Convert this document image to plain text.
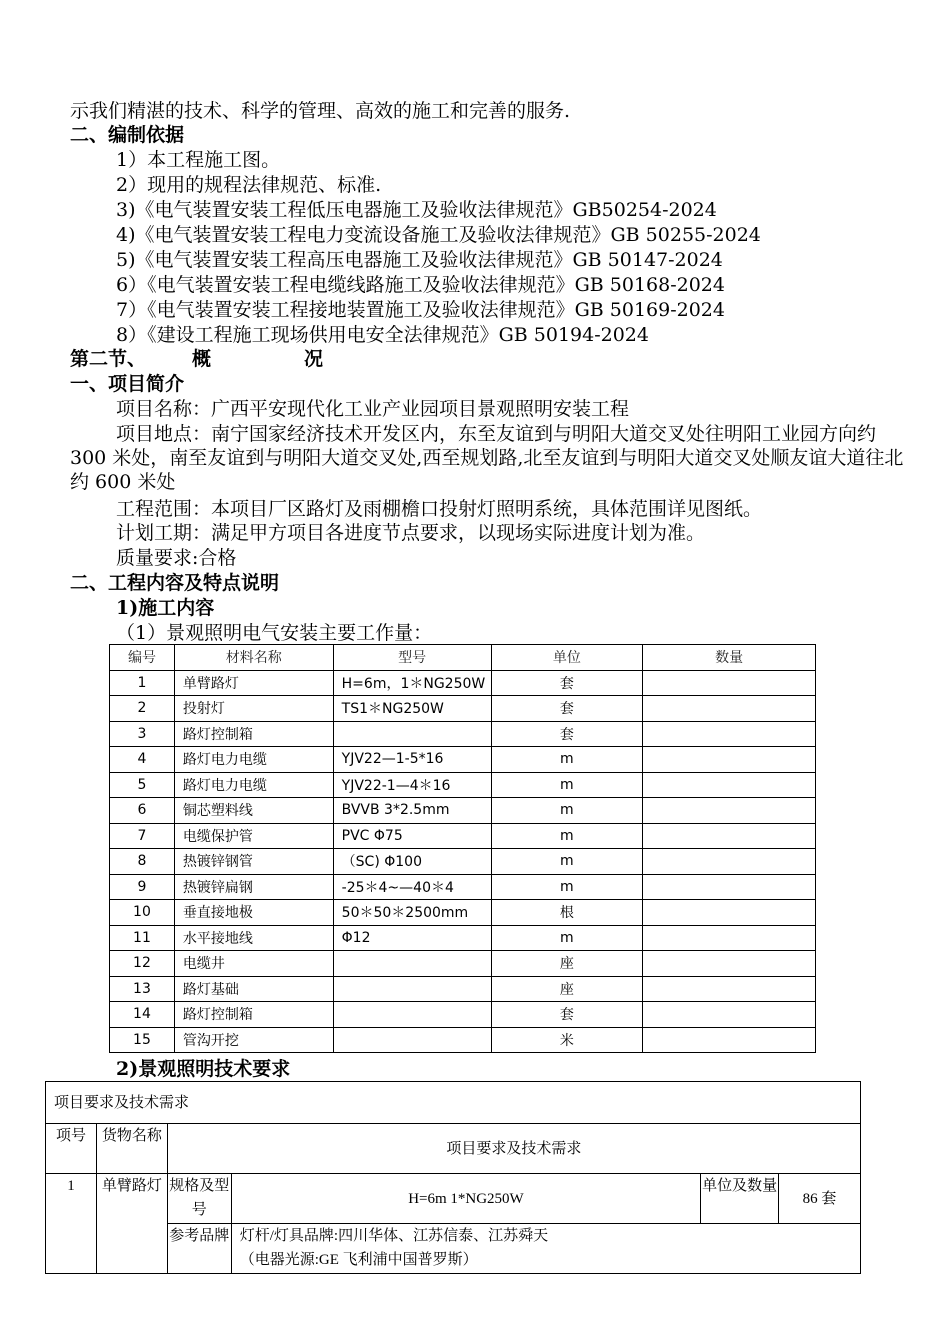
示我们精湛的技术、科学的管理、高效的施工和完善的服务.
二、编制依据
1）本工程施工图。
2）现用的规程法律规范、标准.
3)《电气装置安装工程低压电器施工及验收法律规范》GB50254-2024
4)《电气装置安装工程电力变流设备施工及验收法律规范》GB 50255-2024
5)《电气装置安装工程高压电器施工及验收法律规范》GB 50147-2024
6）《电气装置安装工程电缆线路施工及验收法律规范》GB 50168-2024
7）《电气装置安装工程接地装置施工及验收法律规范》GB 50169-2024
8）《建设工程施工现场供用电安全法律规范》GB 50194-2024
第二节、 概	况
一、项目简介
项目名称：广西平安现代化工业产业园项目景观照明安装工程
项目地点：南宁国家经济技术开发区内，东至友谊到与明阳大道交叉处往明阳工业园方向约 300 米处，南至友谊到与明阳大道交叉处,西至规划路,北至友谊到与明阳大道交叉处顺友谊大道往北约 600 米处
工程范围：本项目厂区路灯及雨棚檐口投射灯照明系统，具体范围详见图纸。
计划工期：满足甲方项目各进度节点要求，以现场实际进度计划为准。
质量要求:合格
二、工程内容及特点说明
1)施工内容
（1）景观照明电气安装主要工作量：
编号	材料名称	型号	单位	数量
1	单臂路灯	H=6m，1＊NG250W	套	
2	投射灯	TS1＊NG250W	套	
3	路灯控制箱		套	
4	路灯电力电缆	YJV22—1-5*16	m	
5	路灯电力电缆	YJV22-1—4＊16	m	
6	铜芯塑料线	BVVB 3*2.5mm	m	
7	电缆保护管	PVC Φ75	m	
8	热镀锌钢管	（SC) Φ100	m	
9	热镀锌扁钢	-25＊4~—40＊4	m	
10	垂直接地极	50＊50＊2500mm	根	
11	水平接地线	Φ12	m	
12	电缆井		座	
13	路灯基础		座	
14	路灯控制箱		套	
15	管沟开挖		米	
2)景观照明技术要求
项目要求及技术需求					
项号	货物名称	项目要求及技术需求			
1	单臂路灯	规格及型号	H=6m 1*NG250W	单位及数量	86 套
		参考品牌	灯杆/灯具品牌:四川华体、江苏信泰、江苏舜天
（电器光源:GE 飞利浦中国普罗斯）		
